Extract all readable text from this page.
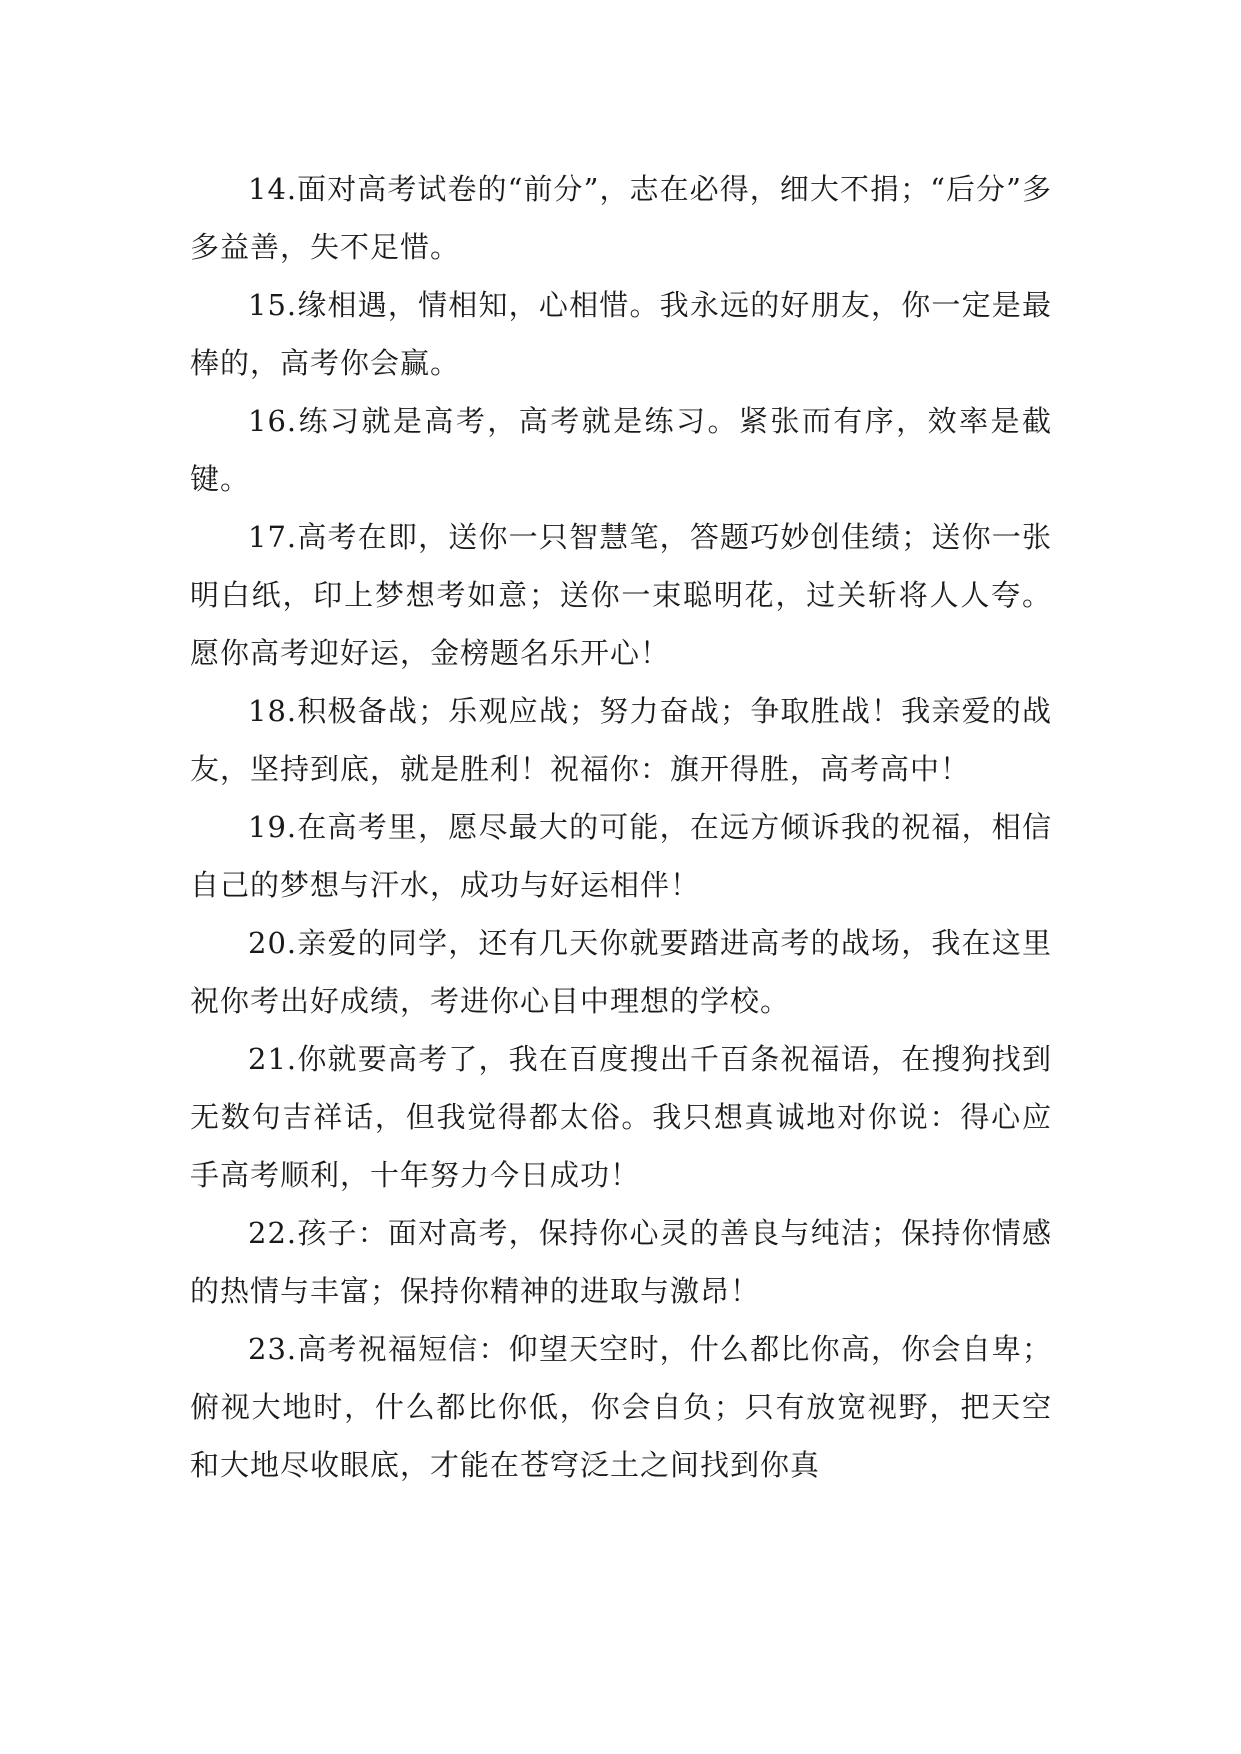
14.面对高考试卷的“前分”，志在必得，细大不捐；“后分”多多益善，失不足惜。

15.缘相遇，情相知，心相惜。我永远的好朋友，你一定是最棒的，高考你会赢。

16.练习就是高考，高考就是练习。紧张而有序，效率是截键。

17.高考在即，送你一只智慧笔，答题巧妙创佳绩；送你一张明白纸，印上梦想考如意；送你一束聪明花，过关斩将人人夸。愿你高考迎好运，金榜题名乐开心！

18.积极备战；乐观应战；努力奋战；争取胜战！我亲爱的战友，坚持到底，就是胜利！祝福你：旗开得胜，高考高中！

19.在高考里，愿尽最大的可能，在远方倾诉我的祝福，相信自己的梦想与汗水，成功与好运相伴！

20.亲爱的同学，还有几天你就要踏进高考的战场，我在这里祝你考出好成绩，考进你心目中理想的学校。

21.你就要高考了，我在百度搜出千百条祝福语，在搜狗找到无数句吉祥话，但我觉得都太俗。我只想真诚地对你说：得心应手高考顺利，十年努力今日成功！

22.孩子：面对高考，保持你心灵的善良与纯洁；保持你情感的热情与丰富；保持你精神的进取与激昂！

23.高考祝福短信：仰望天空时，什么都比你高，你会自卑；俯视大地时，什么都比你低，你会自负；只有放宽视野，把天空和大地尽收眼底，才能在苍穹泛土之间找到你真
